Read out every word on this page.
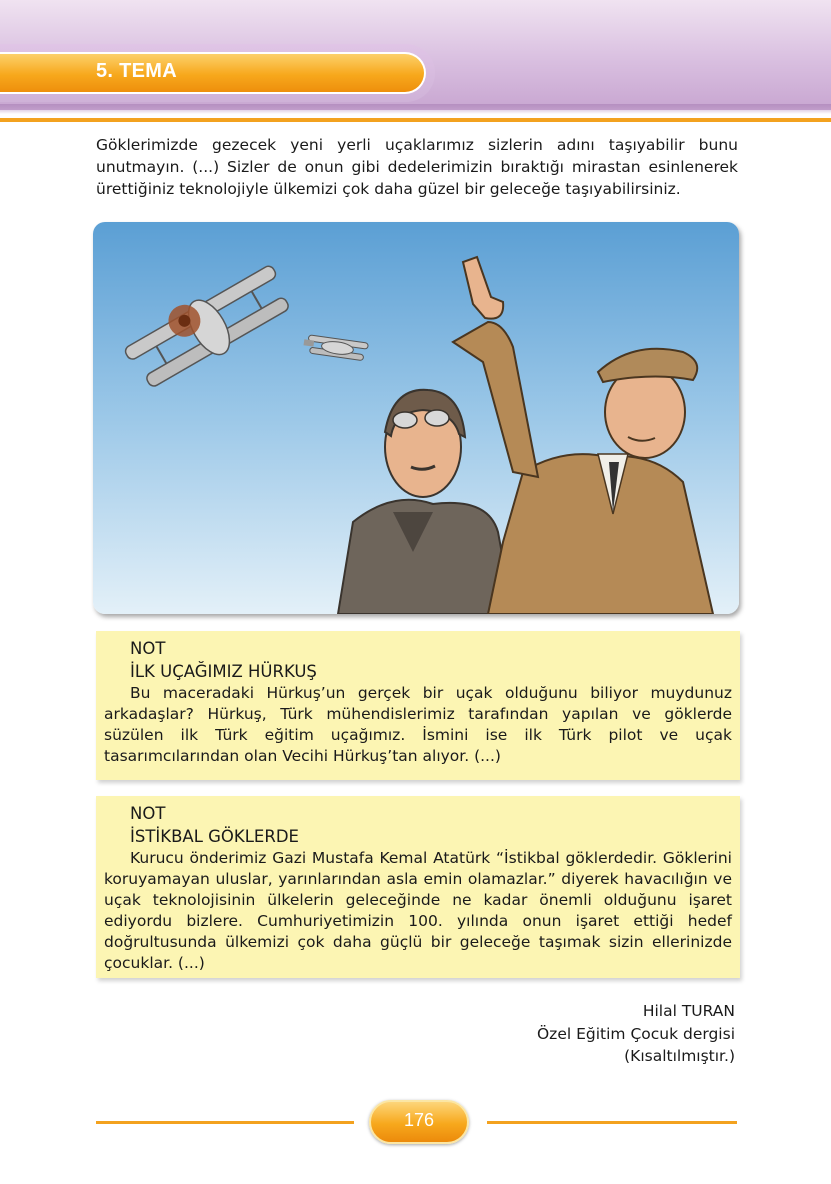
5. TEMA

Göklerimizde gezecek yeni yerli uçaklarımız sizlerin adını taşıyabilir bunu unutmayın. (...) Sizler de onun gibi dedelerimizin bıraktığı mirastan esinlenerek ürettiğiniz teknolojiyle ülkemizi çok daha güzel bir geleceğe taşıyabilirsiniz.

NOT
İLK UÇAĞIMIZ HÜRKUŞ

Bu maceradaki Hürkuş’un gerçek bir uçak olduğunu biliyor muydunuz arkadaşlar? Hürkuş, Türk mühendislerimiz tarafından yapılan ve göklerde süzülen ilk Türk eğitim uçağımız. İsmini ise ilk Türk pilot ve uçak tasarımcılarından olan Vecihi Hürkuş’tan alıyor. (...)

NOT
İSTİKBAL GÖKLERDE

Kurucu önderimiz Gazi Mustafa Kemal Atatürk “İstikbal göklerdedir. Göklerini koruyamayan uluslar, yarınlarından asla emin olamazlar.” diyerek havacılığın ve uçak teknolojisinin ülkelerin geleceğinde ne kadar önemli olduğunu işaret ediyordu bizlere. Cumhuriyetimizin 100. yılında onun işaret ettiği hedef doğrultusunda ülkemizi çok daha güçlü bir geleceğe taşımak sizin ellerinizde çocuklar. (...)

Hilal TURAN
Özel Eğitim Çocuk dergisi
(Kısaltılmıştır.)
176
